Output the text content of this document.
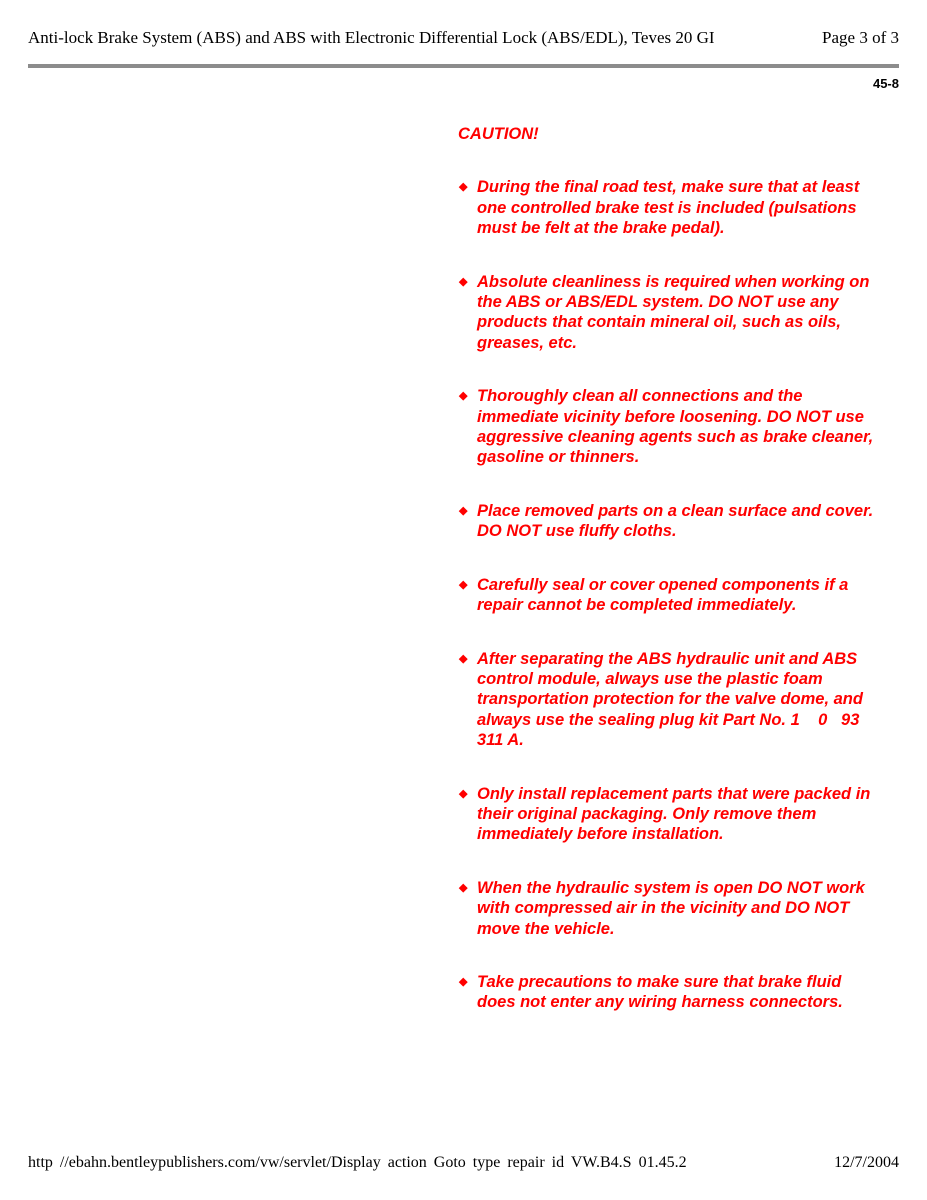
Anti-lock Brake System (ABS) and ABS with Electronic Differential Lock (ABS/EDL), Teves 20 GI	Page 3 of 3
45-8
CAUTION!
◆ During the final road test, make sure that at least one controlled brake test is included (pulsations must be felt at the brake pedal).
◆ Absolute cleanliness is required when working on the ABS or ABS/EDL system. DO NOT use any products that contain mineral oil, such as oils, greases, etc.
◆ Thoroughly clean all connections and the immediate vicinity before loosening. DO NOT use aggressive cleaning agents such as brake cleaner, gasoline or thinners.
◆ Place removed parts on a clean surface and cover. DO NOT use fluffy cloths.
◆ Carefully seal or cover opened components if a repair cannot be completed immediately.
◆ After separating the ABS hydraulic unit and ABS control module, always use the plastic foam transportation protection for the valve dome, and always use the sealing plug kit Part No. 1    0   93 311 A.
◆ Only install replacement parts that were packed in their original packaging. Only remove them immediately before installation.
◆ When the hydraulic system is open DO NOT work with compressed air in the vicinity and DO NOT move the vehicle.
◆ Take precautions to make sure that brake fluid does not enter any wiring harness connectors.
http //ebahn.bentleypublishers.com/vw/servlet/Display action Goto type repair id VW.B4.S 01.45.2	12/7/2004
